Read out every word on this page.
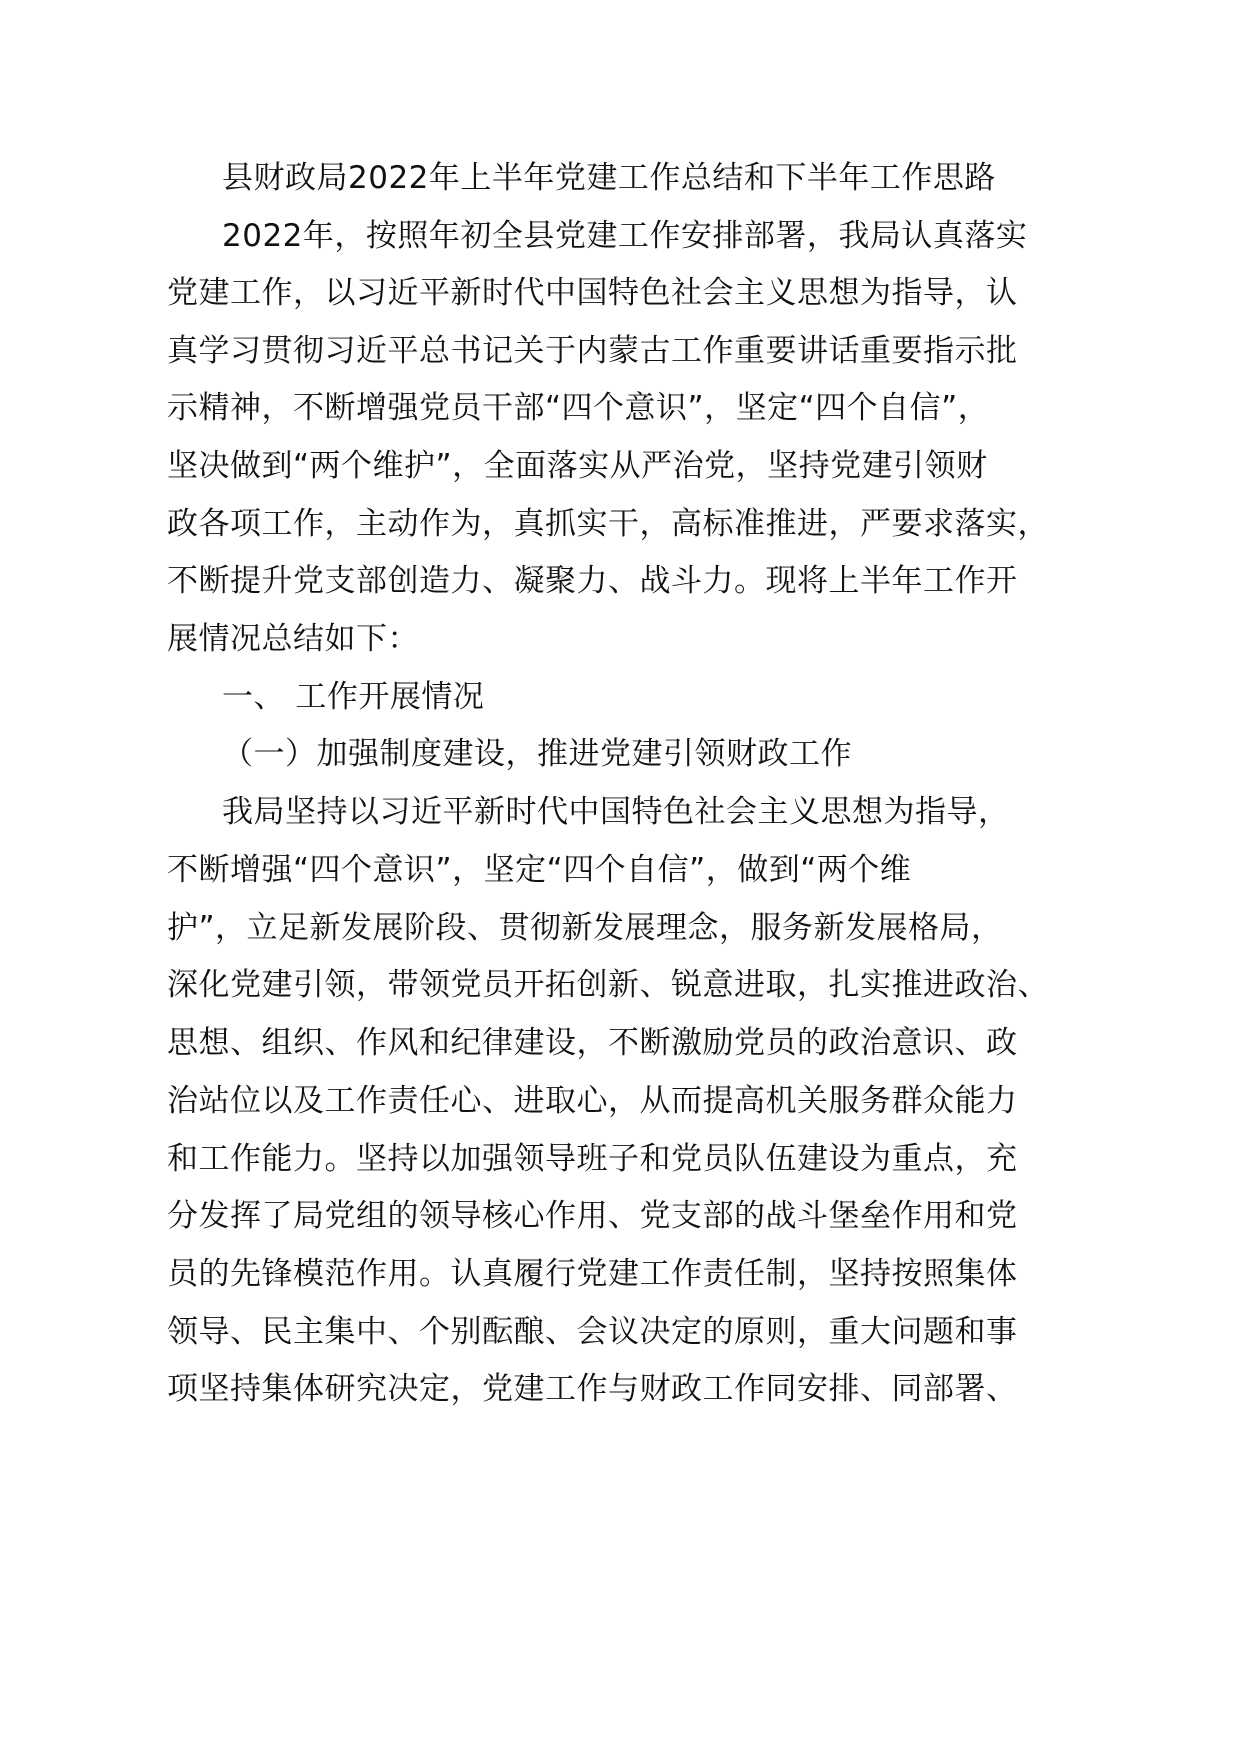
县财政局2022年上半年党建工作总结和下半年工作思路
2022年，按照年初全县党建工作安排部署，我局认真落实
党建工作，以习近平新时代中国特色社会主义思想为指导，认
真学习贯彻习近平总书记关于内蒙古工作重要讲话重要指示批
示精神，不断增强党员干部“四个意识”，坚定“四个自信”，
坚决做到“两个维护”，全面落实从严治党，坚持党建引领财
政各项工作，主动作为，真抓实干，高标准推进，严要求落实，
不断提升党支部创造力、凝聚力、战斗力。现将上半年工作开
展情况总结如下：
一、 工作开展情况
（一）加强制度建设，推进党建引领财政工作
我局坚持以习近平新时代中国特色社会主义思想为指导，
不断增强“四个意识”，坚定“四个自信”，做到“两个维
护”，立足新发展阶段、贯彻新发展理念，服务新发展格局，
深化党建引领，带领党员开拓创新、锐意进取，扎实推进政治、
思想、组织、作风和纪律建设，不断激励党员的政治意识、政
治站位以及工作责任心、进取心，从而提高机关服务群众能力
和工作能力。坚持以加强领导班子和党员队伍建设为重点，充
分发挥了局党组的领导核心作用、党支部的战斗堡垒作用和党
员的先锋模范作用。认真履行党建工作责任制，坚持按照集体
领导、民主集中、个别酝酿、会议决定的原则，重大问题和事
项坚持集体研究决定，党建工作与财政工作同安排、同部署、
